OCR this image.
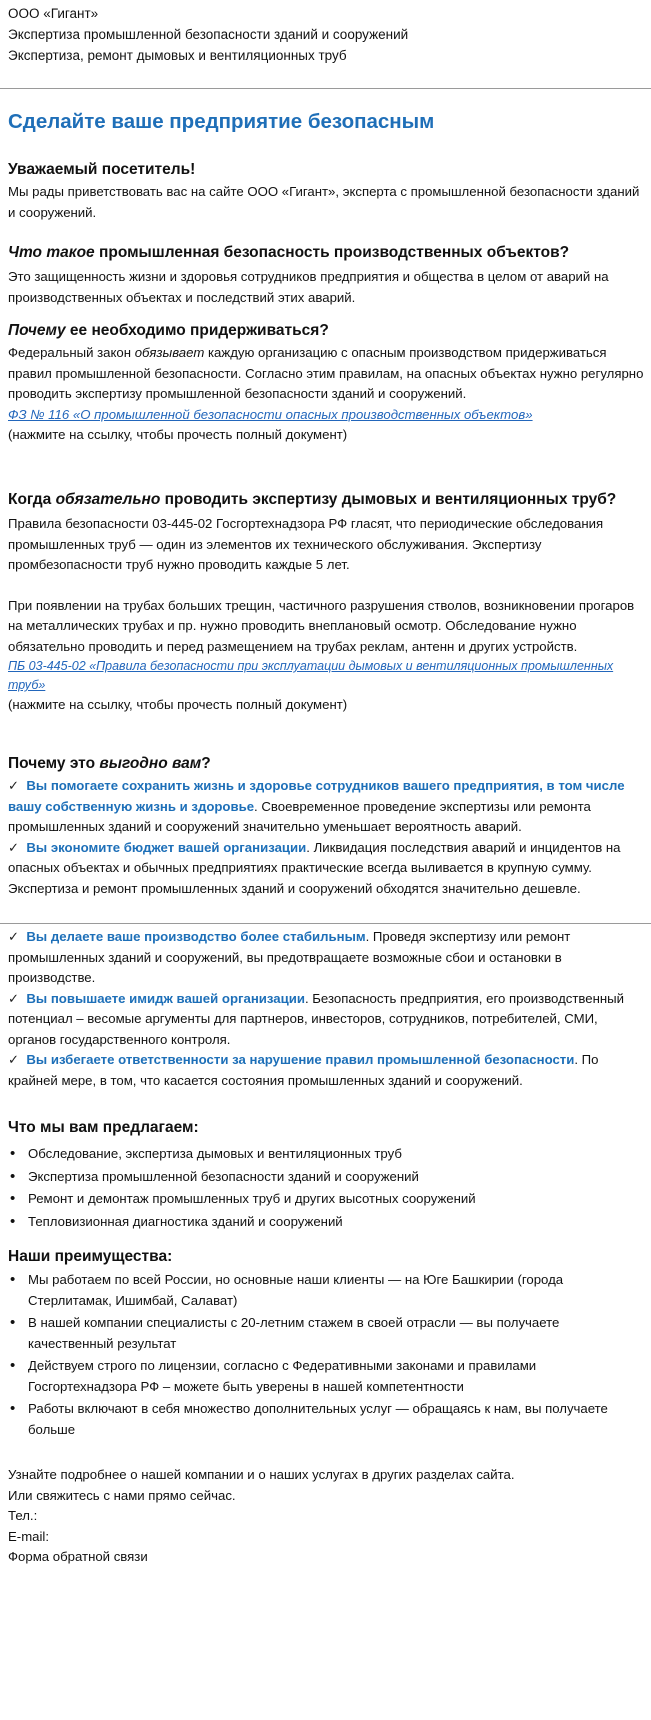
ООО «Гигант»
Экспертиза промышленной безопасности зданий и сооружений
Экспертиза, ремонт дымовых и вентиляционных труб
Сделайте ваше предприятие безопасным
Уважаемый посетитель!
Мы рады приветствовать вас на сайте ООО «Гигант», эксперта с промышленной безопасности зданий и сооружений.
Что такое промышленная безопасность производственных объектов?
Это защищенность жизни и здоровья сотрудников предприятия и общества в целом от аварий на производственных объектах и последствий этих аварий.
Почему ее необходимо придерживаться?
Федеральный закон обязывает каждую организацию с опасным производством придерживаться правил промышленной безопасности. Согласно этим правилам, на опасных объектах нужно регулярно проводить экспертизу промышленной безопасности зданий и сооружений.
ФЗ № 116 «О промышленной безопасности опасных производственных объектов»
(нажмите на ссылку, чтобы прочесть полный документ)
Когда обязательно проводить экспертизу дымовых и вентиляционных труб?
Правила безопасности 03-445-02 Госгортехнадзора РФ гласят, что периодические обследования промышленных труб — один из элементов их технического обслуживания. Экспертизу промбезопасности труб нужно проводить каждые 5 лет.
При появлении на трубах больших трещин, частичного разрушения стволов, возникновении прогаров на металлических трубах и пр. нужно проводить внеплановый осмотр. Обследование нужно обязательно проводить и перед размещением на трубах реклам, антенн и других устройств.
ПБ 03-445-02 «Правила безопасности при эксплуатации дымовых и вентиляционных промышленных труб»
(нажмите на ссылку, чтобы прочесть полный документ)
Почему это выгодно вам?
✓ Вы помогаете сохранить жизнь и здоровье сотрудников вашего предприятия, в том числе вашу собственную жизнь и здоровье. Своевременное проведение экспертизы или ремонта промышленных зданий и сооружений значительно уменьшает вероятность аварий.
✓ Вы экономите бюджет вашей организации. Ликвидация последствия аварий и инцидентов на опасных объектах и обычных предприятиях практические всегда выливается в крупную сумму. Экспертиза и ремонт промышленных зданий и сооружений обходятся значительно дешевле.
✓ Вы делаете ваше производство более стабильным. Проведя экспертизу или ремонт промышленных зданий и сооружений, вы предотвращаете возможные сбои и остановки в производстве.
✓ Вы повышаете имидж вашей организации. Безопасность предприятия, его производственный потенциал – весомые аргументы для партнеров, инвесторов, сотрудников, потребителей, СМИ, органов государственного контроля.
✓ Вы избегаете ответственности за нарушение правил промышленной безопасности. По крайней мере, в том, что касается состояния промышленных зданий и сооружений.
Что мы вам предлагаем:
• Обследование, экспертиза дымовых и вентиляционных труб
• Экспертиза промышленной безопасности зданий и сооружений
• Ремонт и демонтаж промышленных труб и других высотных сооружений
• Тепловизионная диагностика зданий и сооружений
Наши преимущества:
• Мы работаем по всей России, но основные наши клиенты — на Юге Башкирии (города Стерлитамак, Ишимбай, Салават)
• В нашей компании специалисты с 20-летним стажем в своей отрасли — вы получаете качественный результат
• Действуем строго по лицензии, согласно с Федеративными законами и правилами Госгортехнадзора РФ – можете быть уверены в нашей компетентности
• Работы включают в себя множество дополнительных услуг — обращаясь к нам, вы получаете больше
Узнайте подробнее о нашей компании и о наших услугах в других разделах сайта.
Или свяжитесь с нами прямо сейчас.
Тел.:
E-mail:
Форма обратной связи
